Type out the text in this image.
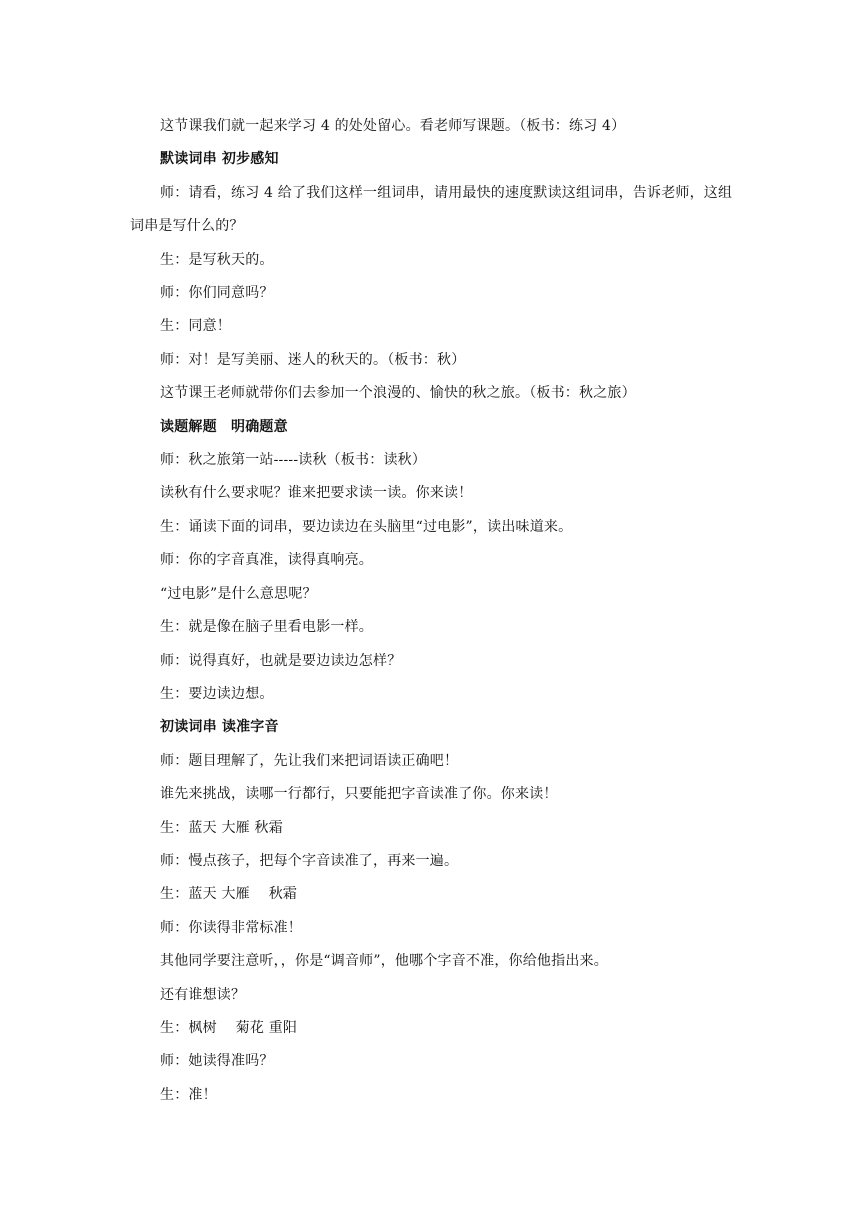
这节课我们就一起来学习 4 的处处留心。看老师写课题。（板书：练习 4）
默读词串 初步感知
师：请看，练习 4 给了我们这样一组词串，请用最快的速度默读这组词串，告诉老师，这组词串是写什么的？
生：是写秋天的。
师：你们同意吗？
生：同意！
师：对！是写美丽、迷人的秋天的。（板书：秋）
这节课王老师就带你们去参加一个浪漫的、愉快的秋之旅。（板书：秋之旅）
读题解题　明确题意
师：秋之旅第一站-----读秋（板书：读秋）
读秋有什么要求呢？谁来把要求读一读。你来读！
生：诵读下面的词串，要边读边在头脑里“过电影”，读出味道来。
师：你的字音真准，读得真响亮。
“过电影”是什么意思呢？
生：就是像在脑子里看电影一样。
师：说得真好，也就是要边读边怎样？
生：要边读边想。
初读词串 读准字音
师：题目理解了，先让我们来把词语读正确吧！
谁先来挑战，读哪一行都行，只要能把字音读准了你。你来读！
生：蓝天 大雁 秋霜
师：慢点孩子，把每个字音读准了，再来一遍。
生：蓝天 大雁　 秋霜
师：你读得非常标准！
其他同学要注意听，，你是“调音师”，他哪个字音不准，你给他指出来。
还有谁想读？
生：枫树　 菊花 重阳
师：她读得准吗？
生：准！
